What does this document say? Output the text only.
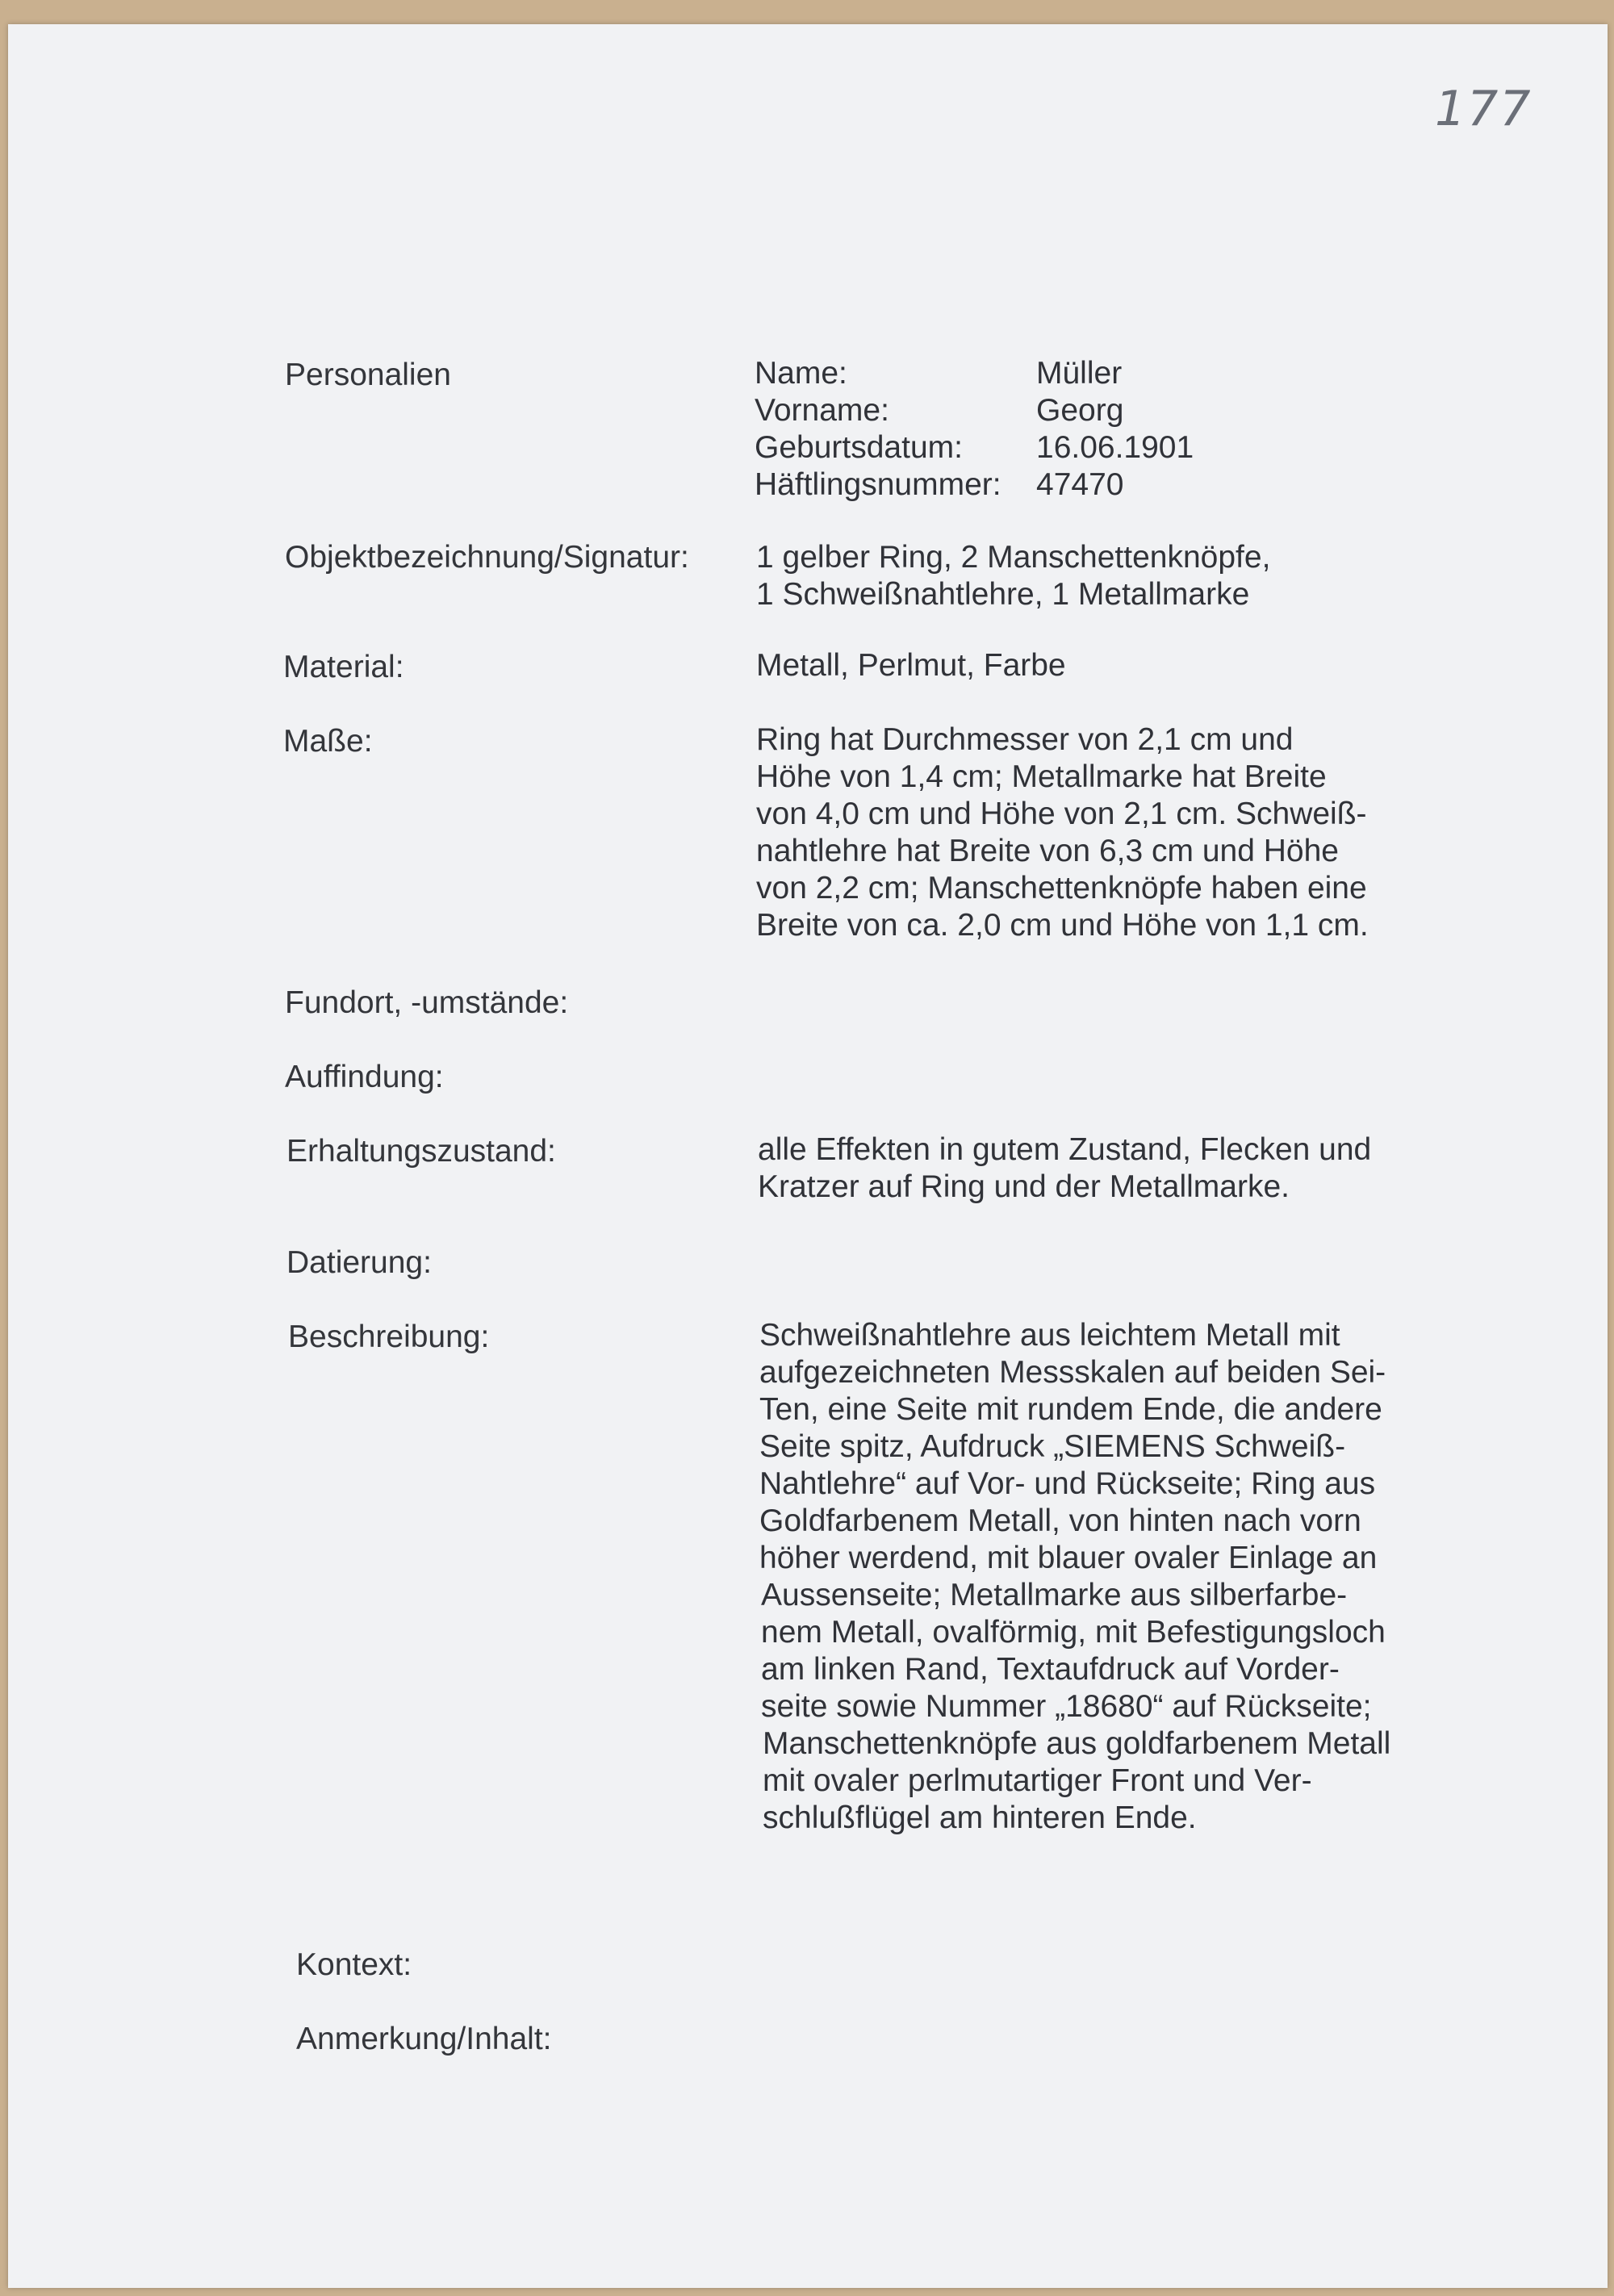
177
Personalien	Name:	Müller
Vorname:	Georg
Geburtsdatum: 16.06.1901
Häftlingsnummer: 47470
Objektbezeichnung/Signatur: 1 gelber Ring, 2 Manschettenknöpfe,
1 Schweißnahtlehre, 1 Metallmarke
Material:	Metall, Perlmut, Farbe
Maße:	Ring hat Durchmesser von 2,1 cm und
Höhe von 1,4 cm; Metallmarke hat Breite
von 4,0 cm und Höhe von 2,1 cm. Schweiß-
nahtlehre hat Breite von 6,3 cm und Höhe
von 2,2 cm; Manschettenknöpfe haben eine
Breite von ca. 2,0 cm und Höhe von 1,1 cm.
Fundort, -umstände:
Auffindung:
Erhaltungszustand:	alle Effekten in gutem Zustand, Flecken und
Kratzer auf Ring und der Metallmarke.
Datierung:
Beschreibung:	Schweißnahtlehre aus leichtem Metall mit
aufgezeichneten Messskalen auf beiden Sei-
Ten, eine Seite mit rundem Ende, die andere
Seite spitz, Aufdruck „SIEMENS Schweiß-
Nahtlehre“ auf Vor- und Rückseite; Ring aus
Goldfarbenem Metall, von hinten nach vorn
höher werdend, mit blauer ovaler Einlage an
Aussenseite; Metallmarke aus silberfarbe-
nem Metall, ovalförmig, mit Befestigungsloch
am linken Rand, Textaufdruck auf Vorder-
seite sowie Nummer „18680“ auf Rückseite;
Manschettenknöpfe aus goldfarbenem Metall
mit ovaler perlmutartiger Front und Ver-
schlußflügel am hinteren Ende.
Kontext:
Anmerkung/Inhalt:
